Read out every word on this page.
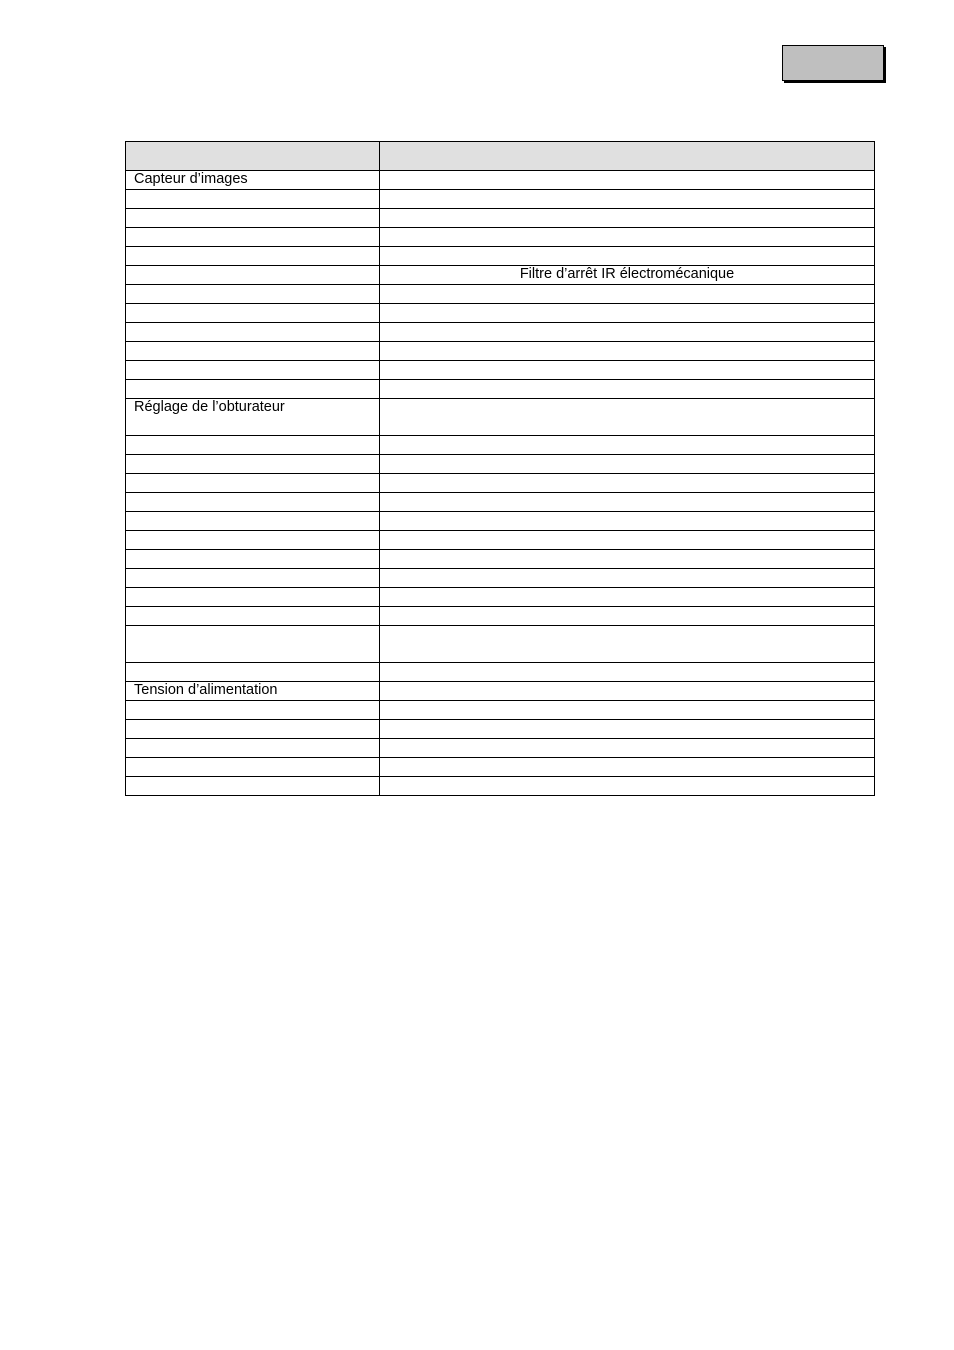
Capteur d’images	

	Filtre d’arrêt IR électromécanique

Réglage de l’obturateur	

Tension d’alimentation	
